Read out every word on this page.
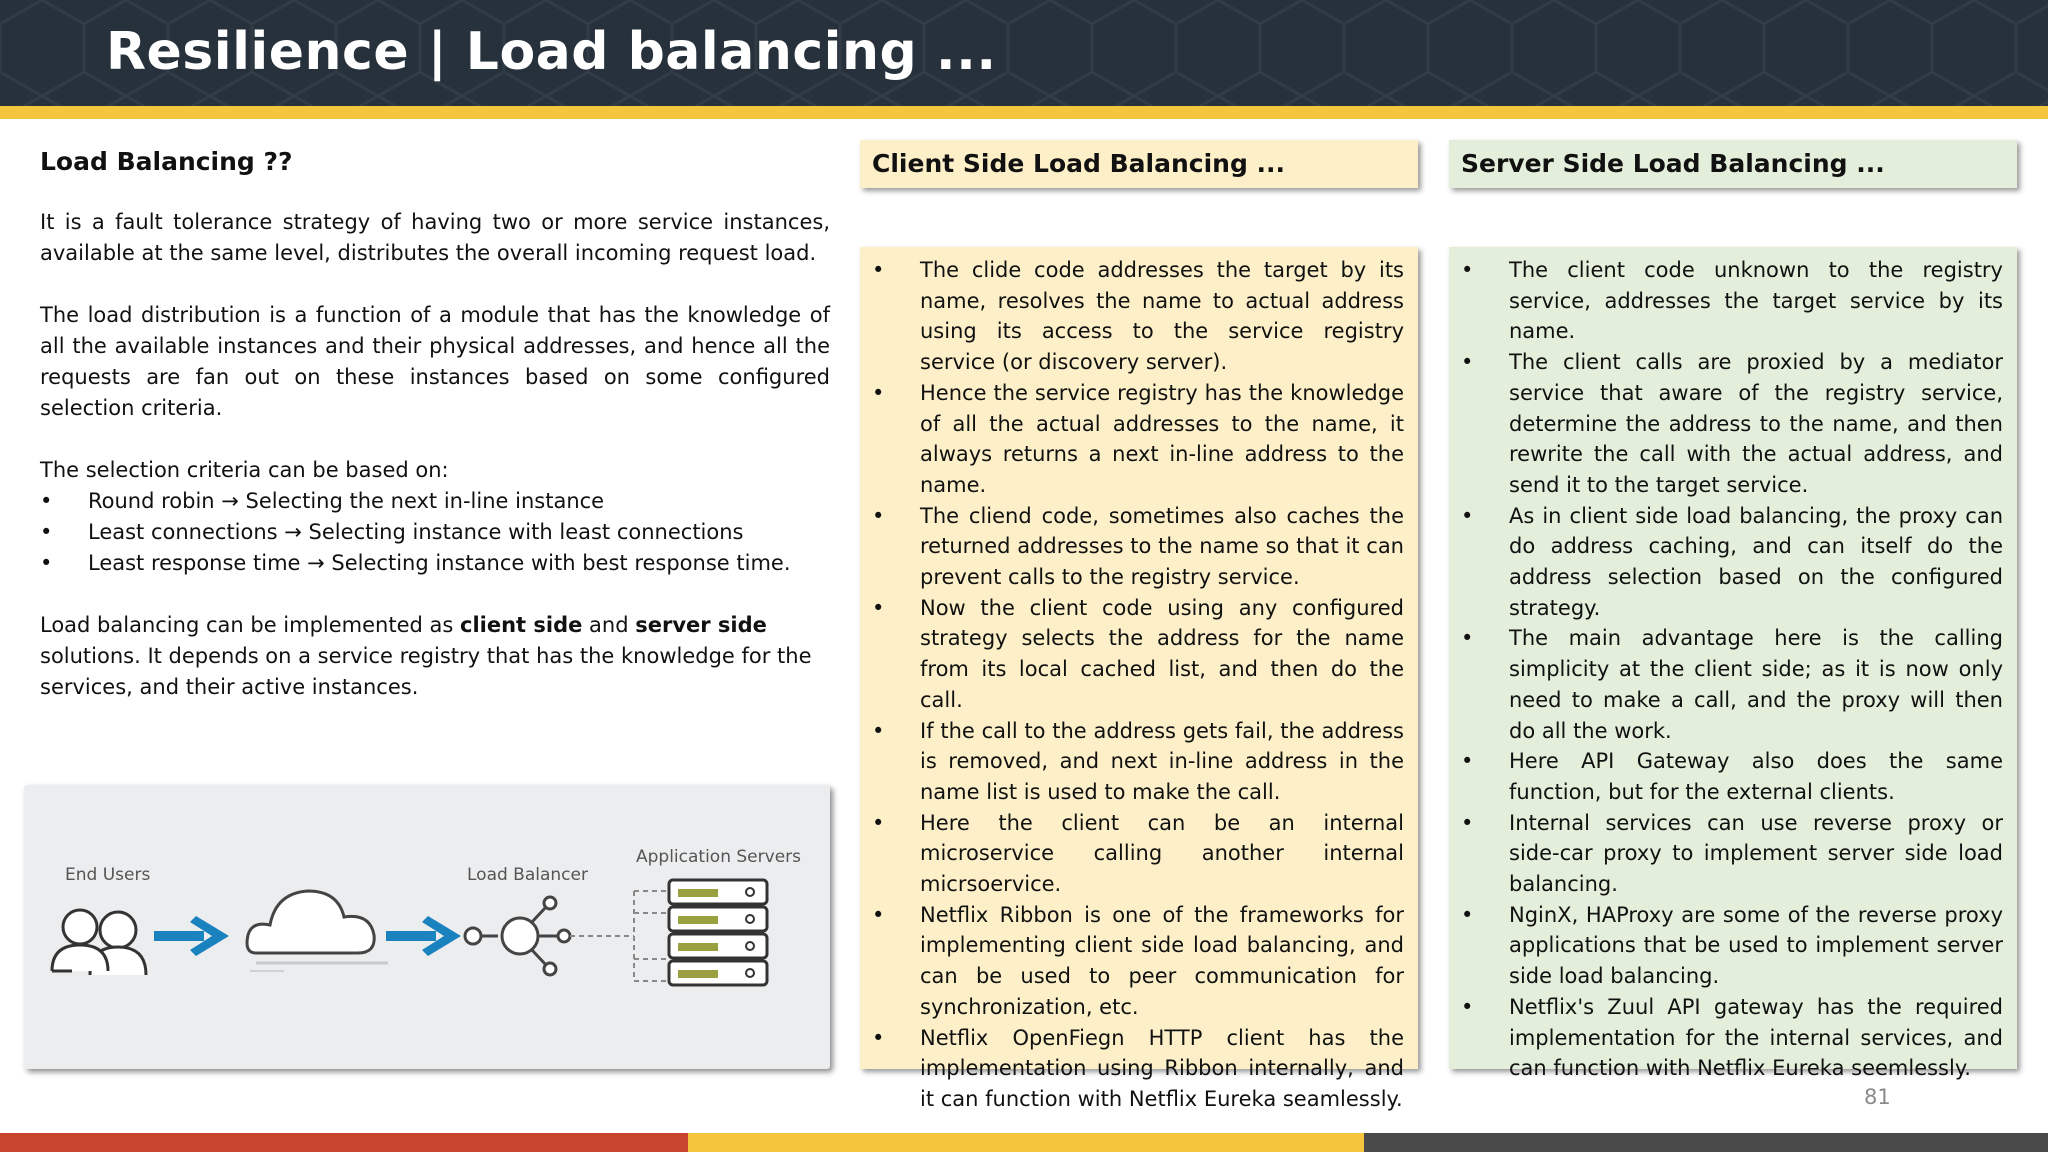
Resilience | Load balancing ...
Load Balancing ??

It is a fault tolerance strategy of having two or more service instances, available at the same level, distributes the overall incoming request load.

The load distribution is a function of a module that has the knowledge of all the available instances and their physical addresses, and hence all the requests are fan out on these instances based on some configured selection criteria.

The selection criteria can be based on:

• Round robin → Selecting the next in-line instance
• Least connections → Selecting instance with least connections
• Least response time → Selecting instance with best response time.

Load balancing can be implemented as client side and server side solutions. It depends on a service registry that has the knowledge for the services, and their active instances.

End Users	Load Balancer
Application Servers
Client Side Load Balancing ...
• The clide code addresses the target by its name, resolves the name to actual address using its access to the service registry service (or discovery server).
• Hence the service registry has the knowledge of all the actual addresses to the name, it always returns a next in-line address to the name.
• The cliend code, sometimes also caches the returned addresses to the name so that it can prevent calls to the registry service.
• Now the client code using any configured strategy selects the address for the name from its local cached list, and then do the call.
• If the call to the address gets fail, the address is removed, and next in-line address in the name list is used to make the call.
• Here the client can be an internal microservice calling another internal micrsoervice.
• Netflix Ribbon is one of the frameworks for implementing client side load balancing, and can be used to peer communication for synchronization, etc.
• Netflix OpenFiegn HTTP client has the implementation using Ribbon internally, and it can function with Netflix Eureka seamlessly.
Server Side Load Balancing ...
• The client code unknown to the registry service, addresses the target service by its name.
• The client calls are proxied by a mediator service that aware of the registry service, determine the address to the name, and then rewrite the call with the actual address, and send it to the target service.
• As in client side load balancing, the proxy can do address caching, and can itself do the address selection based on the configured strategy.
• The main advantage here is the calling simplicity at the client side; as it is now only need to make a call, and the proxy will then do all the work.
• Here API Gateway also does the same function, but for the external clients.
• Internal services can use reverse proxy or side-car proxy to implement server side load balancing.
• NginX, HAProxy are some of the reverse proxy applications that be used to implement server side load balancing.
• Netflix's Zuul API gateway has the required implementation for the internal services, and can function with Netflix Eureka seemlessly.
81
